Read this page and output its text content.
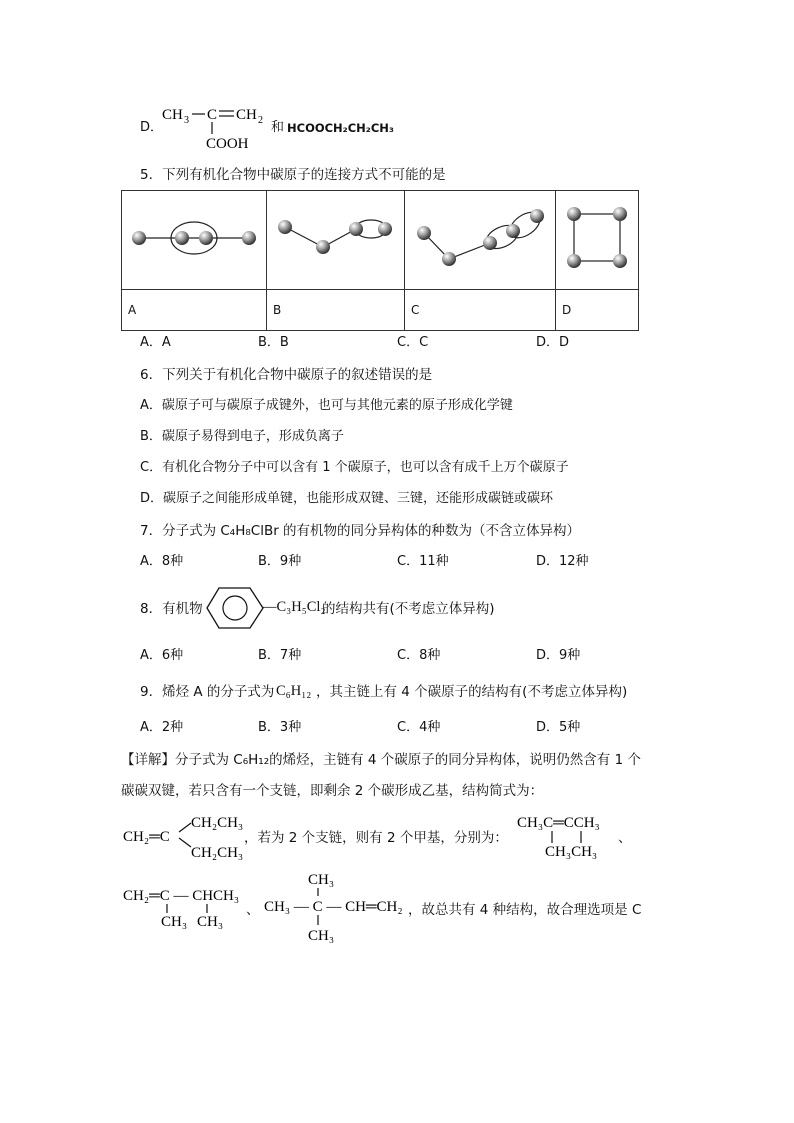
D．
CH 3 C CH 2
COOH
和 HCOOCH₂CH₂CH₃
5．下列有机化合物中碳原子的连接方式不可能的是

A	B	C	D
A．A	B．B	C．C	D．D
6．下列关于有机化合物中碳原子的叙述错误的是
A．碳原子可与碳原子成键外，也可与其他元素的原子形成化学键
B．碳原子易得到电子，形成负离子
C．有机化合物分子中可以含有 1 个碳原子，也可以含有成千上万个碳原子
D．碳原子之间能形成单键，也能形成双键、三键，还能形成碳链或碳环
7．分子式为 C₄H₈ClBr 的有机物的同分异构体的种数为（不含立体异构）
A．8种	B．9种	C．11种	D．12种
8．有机物	—C₃H₅Cl₂
的结构共有(不考虑立体异构)
A．6种	B．7种	C．8种	D．9种
9．烯烃 A 的分子式为 C₆H₁₂ ，其主链上有 4 个碳原子的结构有(不考虑立体异构)
A．2种	B．3种	C．4种	D．5种
【详解】分子式为 C₆H₁₂的烯烃，主链有 4 个碳原子的同分异构体，说明仍然含有 1 个
碳碳双键，若只含有一个支链，即剩余 2 个碳形成乙基，结构简式为：
CH₂═C
CH₂CH₃
CH₂CH₃
，若为 2 个支链，则有 2 个甲基，分别为：
CH₃C═CCH₃
CH₃CH₃
、
CH₂═C — CHCH₃
CH₃ CH₃
、
CH₃
CH₃ — C — CH═CH₂
CH₃
，故总共有 4 种结构，故合理选项是 C
